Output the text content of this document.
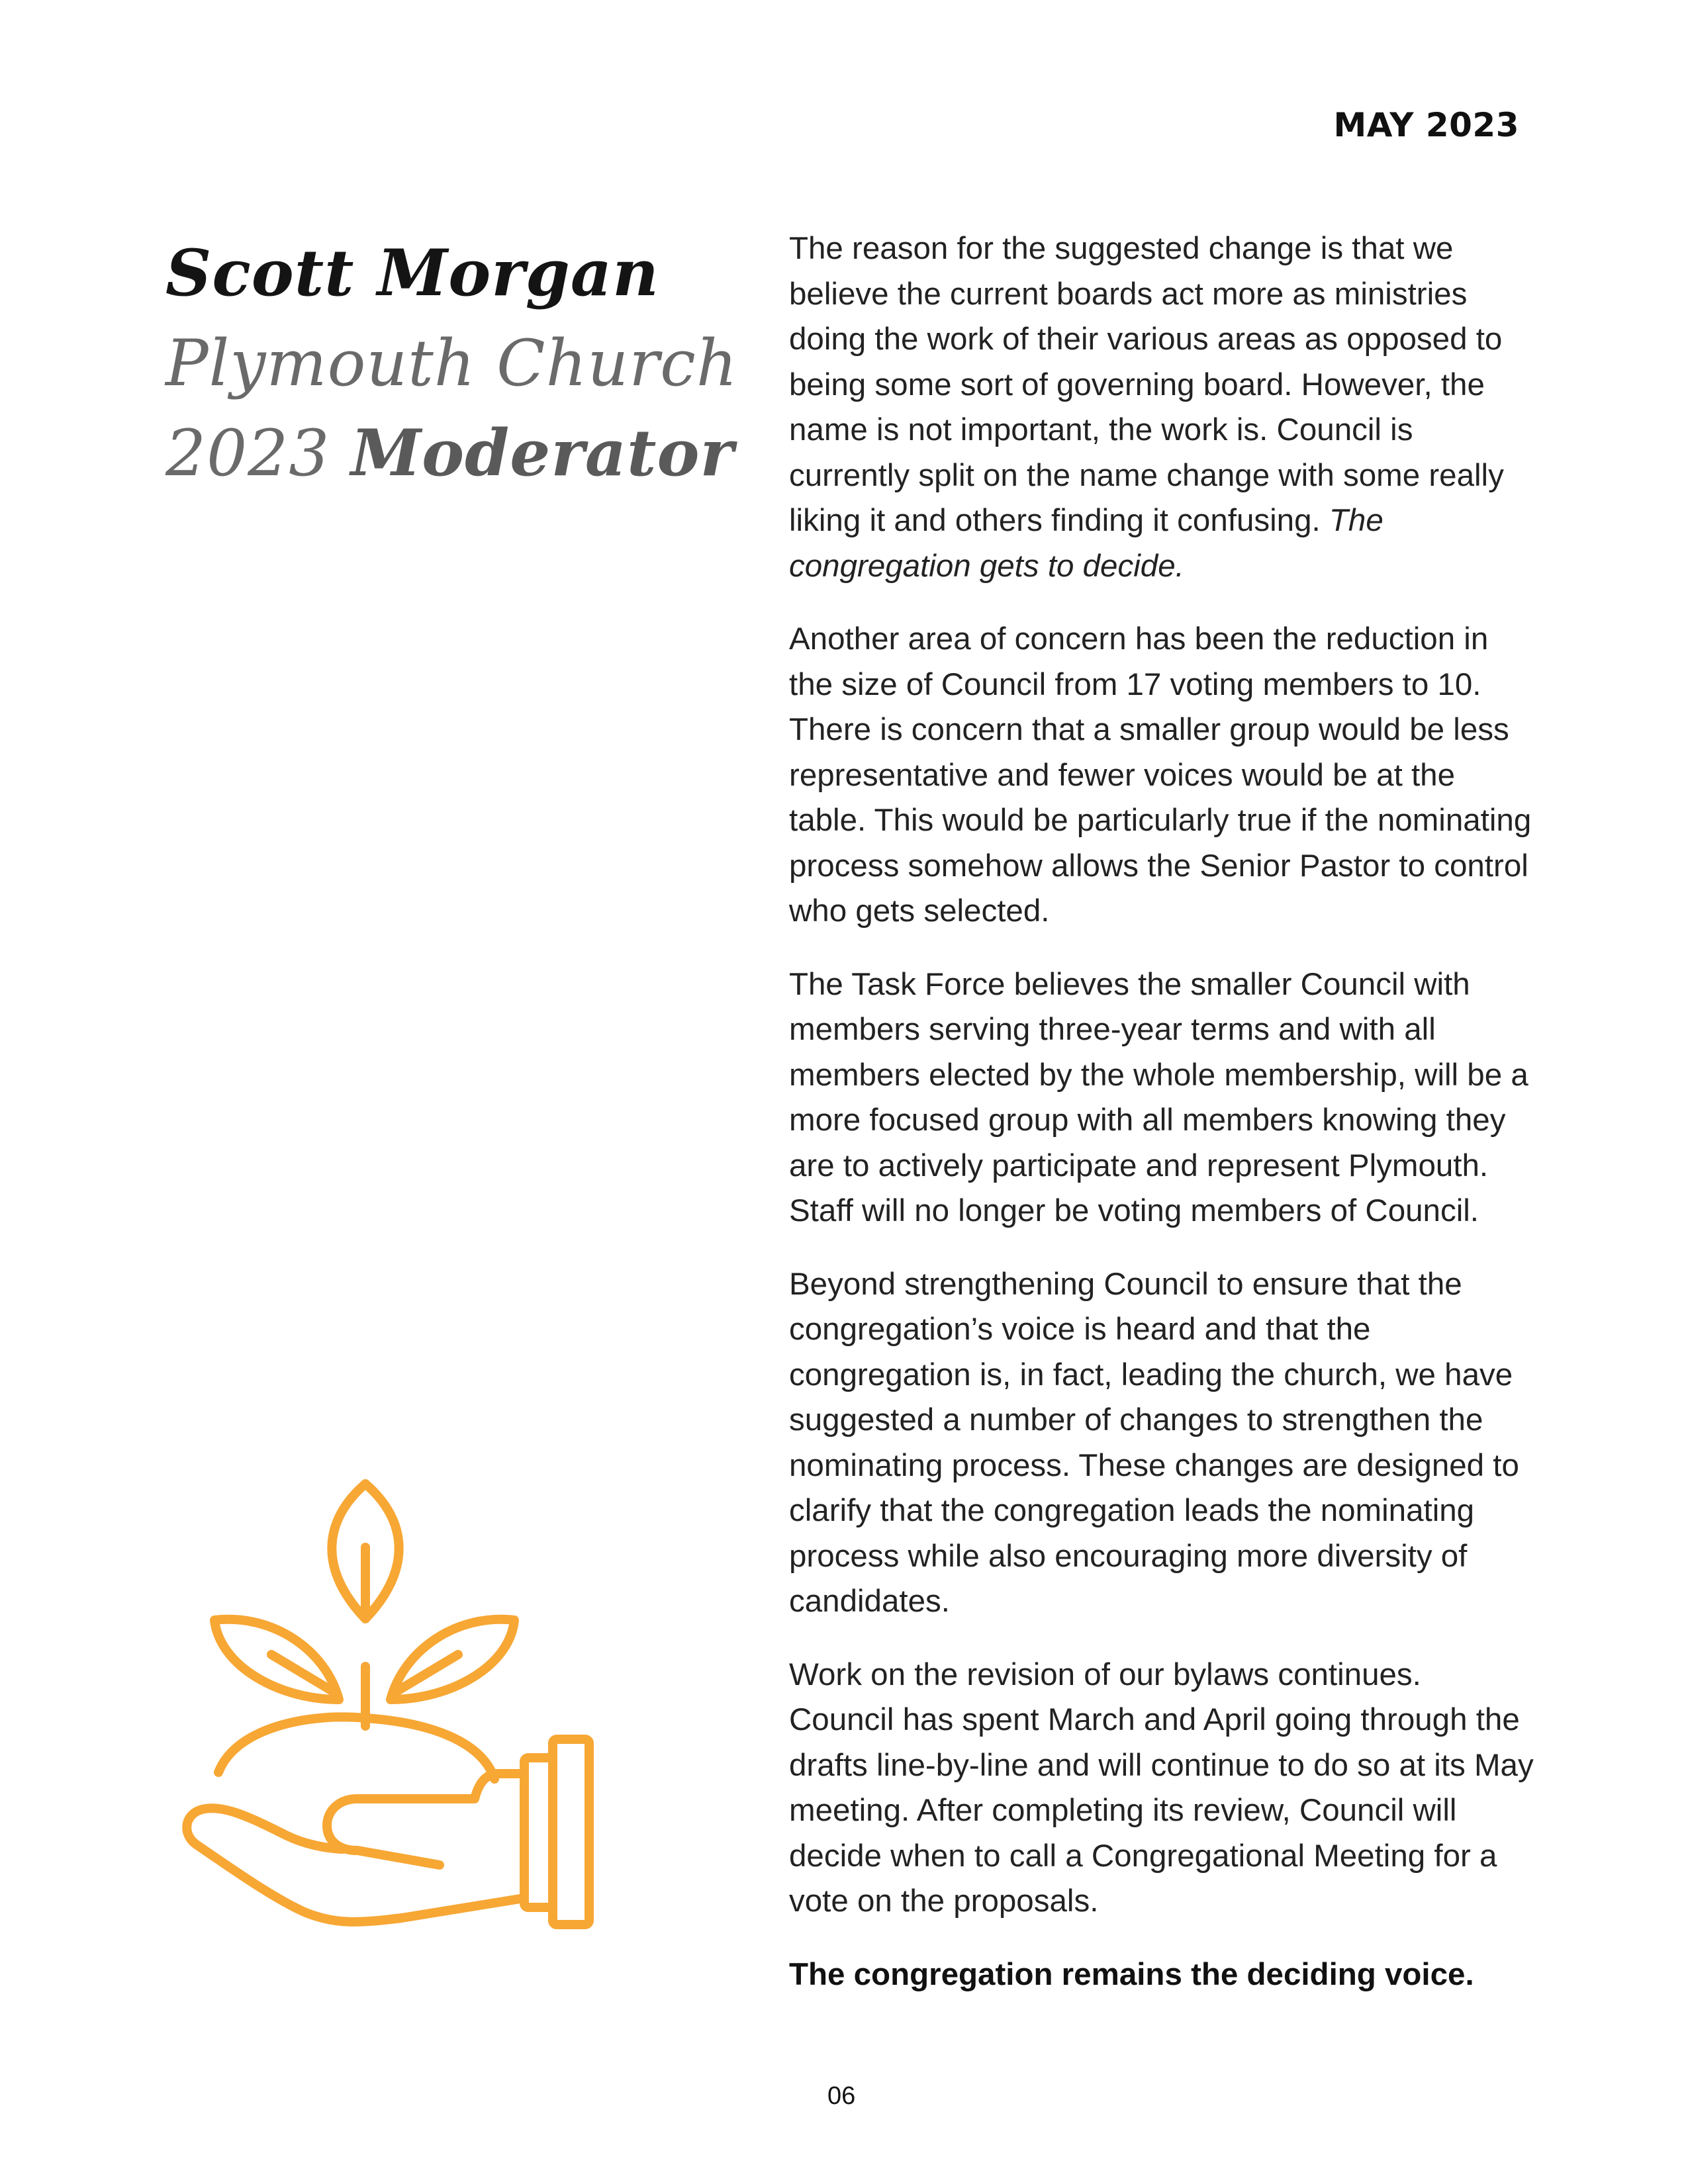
MAY 2023
Scott Morgan
Plymouth Church
2023 Moderator

The reason for the suggested change is that we believe the current boards act more as ministries doing the work of their various areas as opposed to being some sort of governing board. However, the name is not important, the work is. Council is currently split on the name change with some really liking it and others finding it confusing. The congregation gets to decide.

Another area of concern has been the reduction in the size of Council from 17 voting members to 10. There is concern that a smaller group would be less representative and fewer voices would be at the table. This would be particularly true if the nominating process somehow allows the Senior Pastor to control who gets selected.

The Task Force believes the smaller Council with members serving three-year terms and with all members elected by the whole membership, will be a more focused group with all members knowing they are to actively participate and represent Plymouth. Staff will no longer be voting members of Council.

Beyond strengthening Council to ensure that the congregation’s voice is heard and that the congregation is, in fact, leading the church, we have suggested a number of changes to strengthen the nominating process. These changes are designed to clarify that the congregation leads the nominating process while also encouraging more diversity of candidates.

Work on the revision of our bylaws continues. Council has spent March and April going through the drafts line-by-line and will continue to do so at its May meeting. After completing its review, Council will decide when to call a Congregational Meeting for a vote on the proposals.

The congregation remains the deciding voice.

06
